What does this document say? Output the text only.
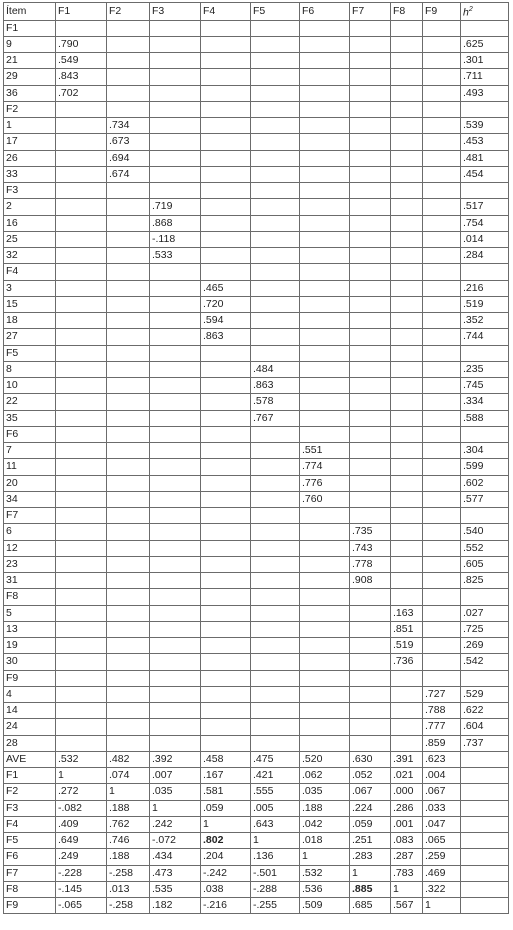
Ítem	F1	F2	F3	F4	F5	F6	F7	F8	F9	$h^2$
F1										
9	.790									.625
21	.549									.301
29	.843									.711
36	.702									.493
F2										
1		.734								.539
17		.673								.453
26		.694								.481
33		.674								.454
F3										
2			.719							.517
16			.868							.754
25			-.118							.014
32			.533							.284
F4										
3				.465						.216
15				.720						.519
18				.594						.352
27				.863						.744
F5										
8					.484					.235
10					.863					.745
22					.578					.334
35					.767					.588
F6										
7						.551				.304
11						.774				.599
20						.776				.602
34						.760				.577
F7										
6							.735			.540
12							.743			.552
23							.778			.605
31							.908			.825
F8										
5								.163		.027
13								.851		.725
19								.519		.269
30								.736		.542
F9										
4									.727	.529
14									.788	.622
24									.777	.604
28									.859	.737
AVE	.532	.482	.392	.458	.475	.520	.630	.391	.623	
F1	1	.074	.007	.167	.421	.062	.052	.021	.004	
F2	.272	1	.035	.581	.555	.035	.067	.000	.067	
F3	-.082	.188	1	.059	.005	.188	.224	.286	.033	
F4	.409	.762	.242	1	.643	.042	.059	.001	.047	
F5	.649	.746	-.072	.802	1	.018	.251	.083	.065	
F6	.249	.188	.434	.204	.136	1	.283	.287	.259	
F7	-.228	-.258	.473	-.242	-.501	.532	1	.783	.469	
F8	-.145	.013	.535	.038	-.288	.536	.885	1	.322	
F9	-.065	-.258	.182	-.216	-.255	.509	.685	.567	1	
